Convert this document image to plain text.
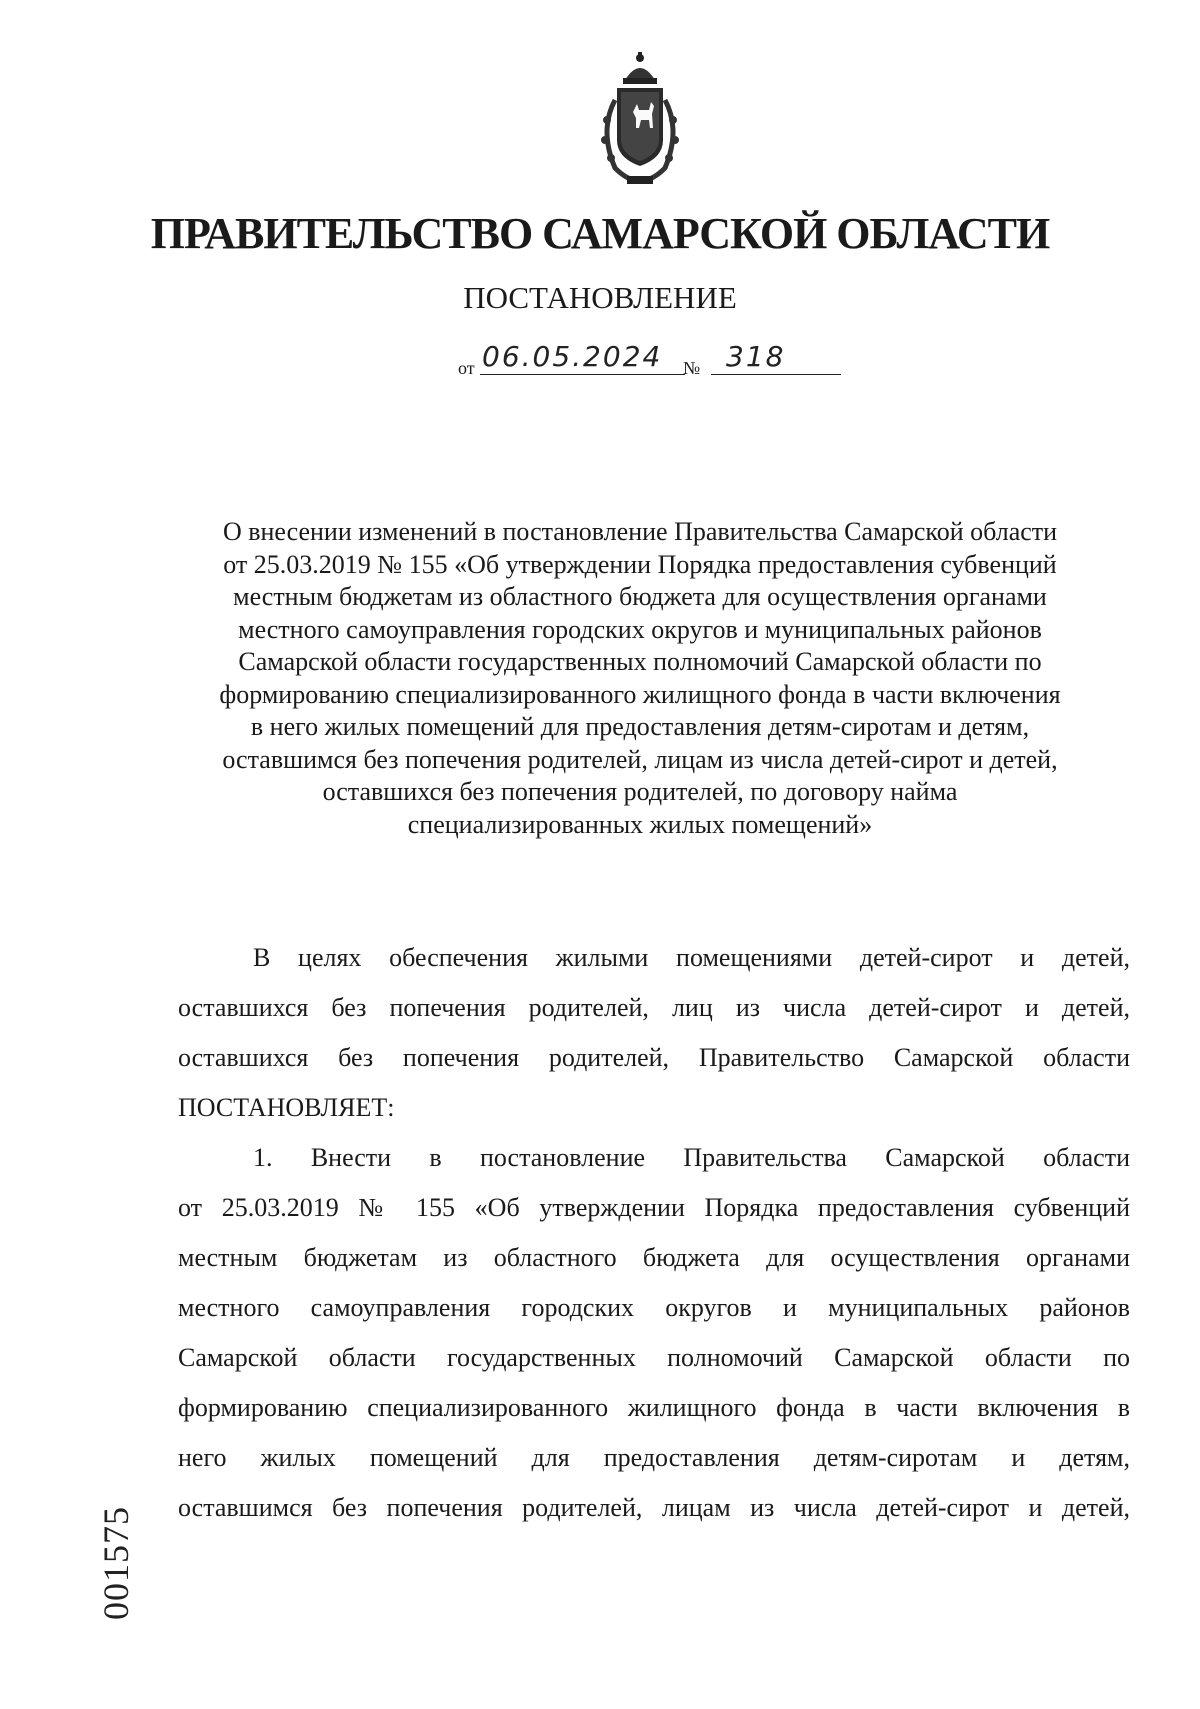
ПРАВИТЕЛЬСТВО САМАРСКОЙ ОБЛАСТИ
ПОСТАНОВЛЕНИЕ
от 06.05.2024	№ 318
О внесении изменений в постановление Правительства Самарской области
от 25.03.2019 № 155 «Об утверждении Порядка предоставления субвенций
местным бюджетам из областного бюджета для осуществления органами
местного самоуправления городских округов и муниципальных районов
Самарской области государственных полномочий Самарской области по
формированию специализированного жилищного фонда в части включения
в него жилых помещений для предоставления детям-сиротам и детям,
оставшимся без попечения родителей, лицам из числа детей-сирот и детей,
оставшихся без попечения родителей, по договору найма
специализированных жилых помещений»
В целях обеспечения жилыми помещениями детей-сирот и детей,
оставшихся без попечения родителей, лиц из числа детей-сирот и детей,
оставшихся без попечения родителей, Правительство Самарской области
ПОСТАНОВЛЯЕТ:
1. Внести в постановление Правительства Самарской области
от 25.03.2019 № 155 «Об утверждении Порядка предоставления субвенций
местным бюджетам из областного бюджета для осуществления органами
местного самоуправления городских округов и муниципальных районов
Самарской области государственных полномочий Самарской области по
формированию специализированного жилищного фонда в части включения в
него жилых помещений для предоставления детям-сиротам и детям,
оставшимся без попечения родителей, лицам из числа детей-сирот и детей,
001575
